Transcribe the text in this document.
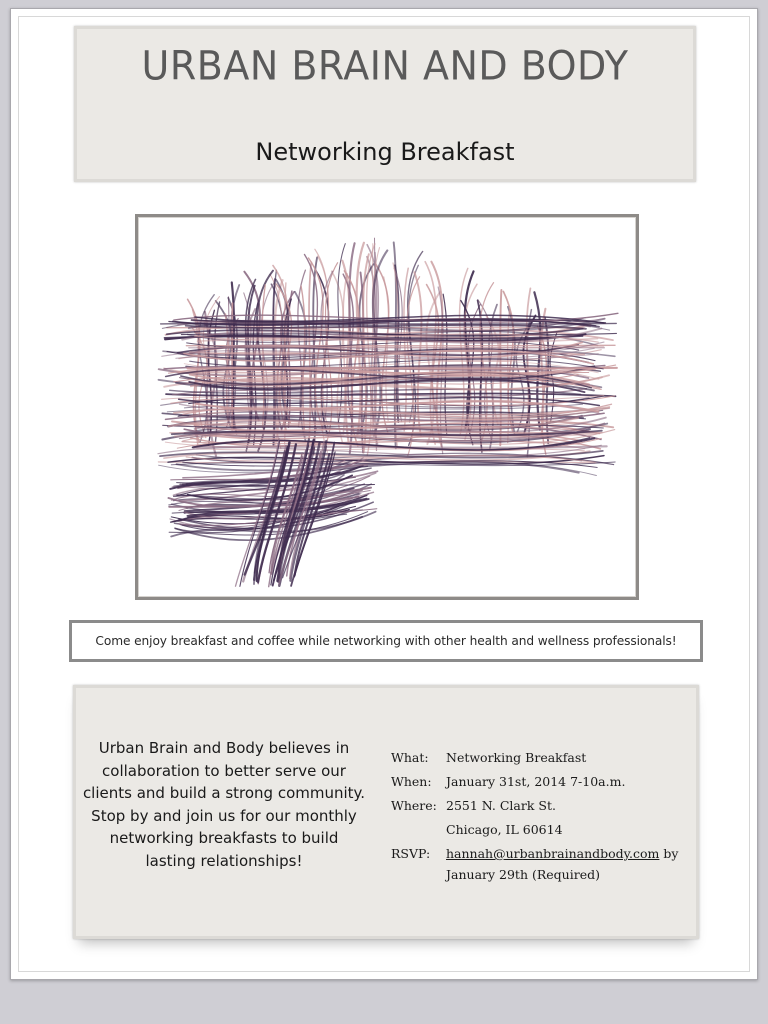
URBAN BRAIN AND BODY
Networking Breakfast
Come enjoy breakfast and coffee while networking with other health and wellness professionals!
Urban Brain and Body believes in
collaboration to better serve our
clients and build a strong community.
Stop by and join us for our monthly
networking breakfasts to build
lasting relationships!
What:	Networking Breakfast
When:	January 31st, 2014 7-10a.m.
Where: 2551 N. Clark St.
Chicago, IL 60614
RSVP:	hannah@urbanbrainandbody.com by
January 29th (Required)
